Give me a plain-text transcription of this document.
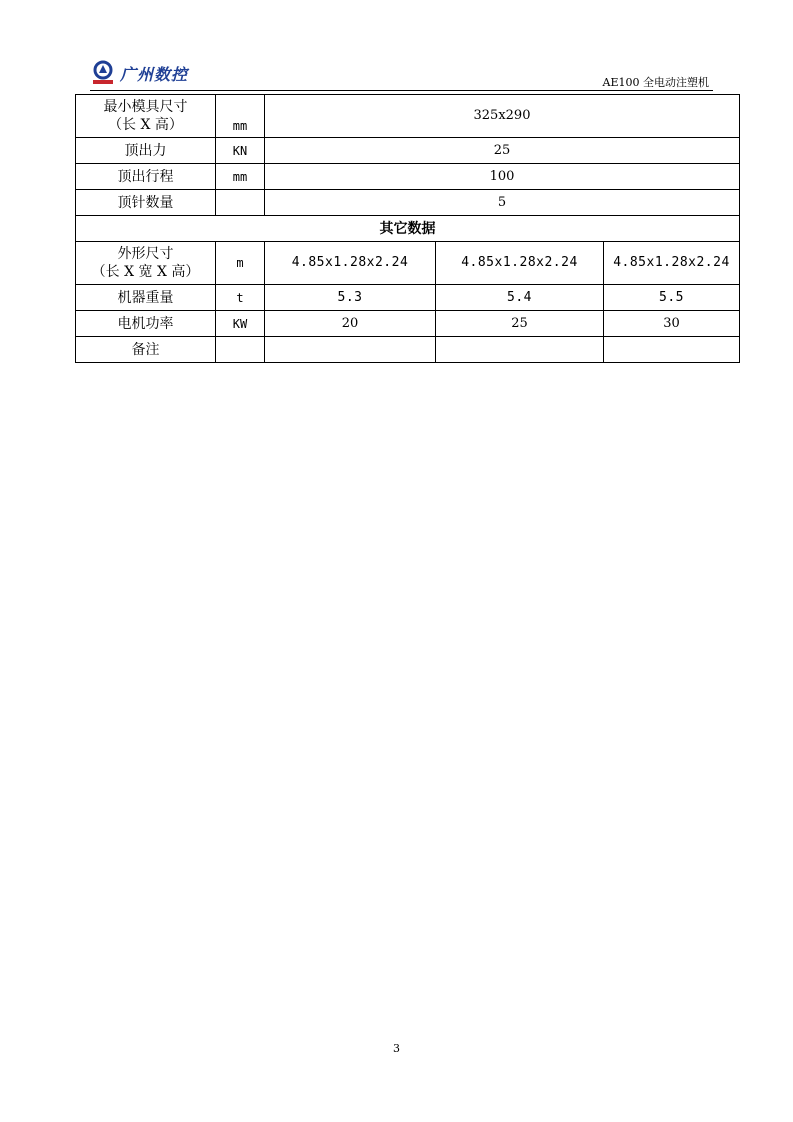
广州数控	AE100 全电动注塑机
最小模具尺寸
（长 X 高）	mm	325x290		
顶出力	KN	25		
顶出行程	mm	100		
顶针数量		5		
其它数据				

外形尺寸
（长 X 宽 X 高）	m	4.85x1.28x2.24	4.85x1.28x2.24	4.85x1.28x2.24
机器重量	t	5.3	5.4	5.5
电机功率	KW	20	25	30
备注				
3
